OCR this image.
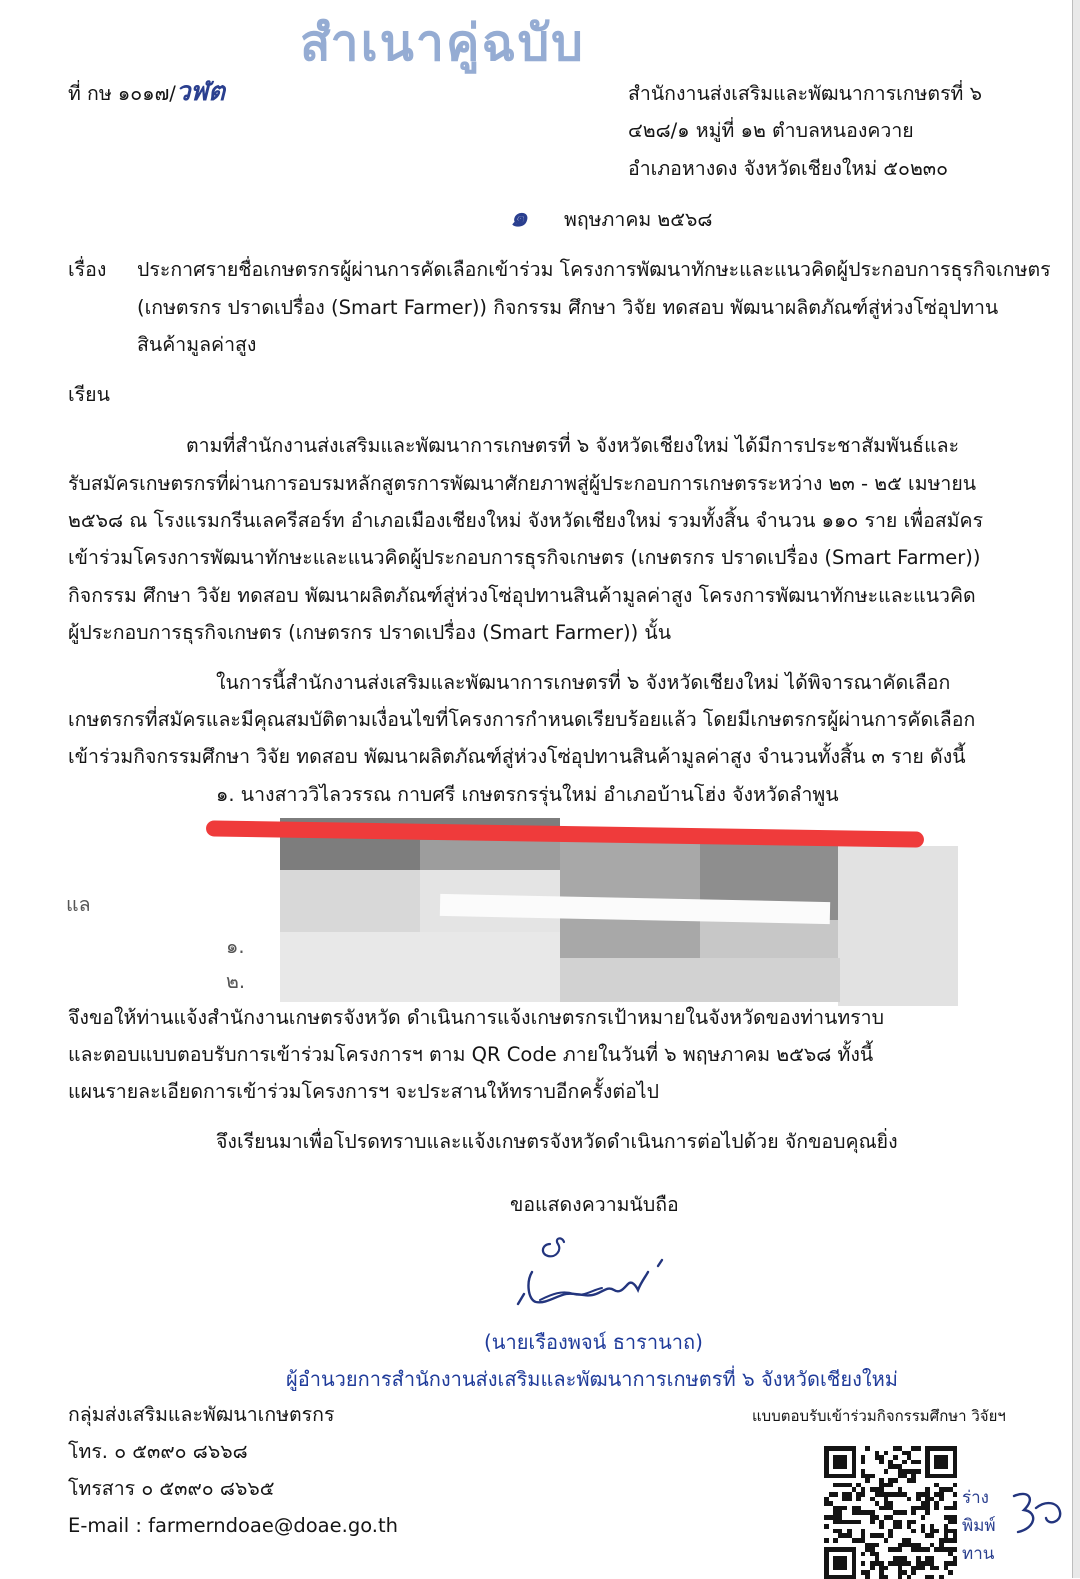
สำเนาคู่ฉบับ
ที่ กษ ๑๐๑๗/วฬต	สำนักงานส่งเสริมและพัฒนาการเกษตรที่ ๖
๔๒๘/๑ หมู่ที่ ๑๒ ตำบลหนองควาย
อำเภอหางดง จังหวัดเชียงใหม่ ๕๐๒๓๐
๑ พฤษภาคม ๒๕๖๘
เรื่อง ประกาศรายชื่อเกษตรกรผู้ผ่านการคัดเลือกเข้าร่วม โครงการพัฒนาทักษะและแนวคิดผู้ประกอบการธุรกิจเกษตร
(เกษตรกร ปราดเปรื่อง (Smart Farmer)) กิจกรรม ศึกษา วิจัย ทดสอบ พัฒนาผลิตภัณฑ์สู่ห่วงโซ่อุปทาน
สินค้ามูลค่าสูง
เรียน
ตามที่สำนักงานส่งเสริมและพัฒนาการเกษตรที่ ๖ จังหวัดเชียงใหม่ ได้มีการประชาสัมพันธ์และ
รับสมัครเกษตรกรที่ผ่านการอบรมหลักสูตรการพัฒนาศักยภาพสู่ผู้ประกอบการเกษตรระหว่าง ๒๓ - ๒๕ เมษายน
๒๕๖๘ ณ โรงแรมกรีนเลครีสอร์ท อำเภอเมืองเชียงใหม่ จังหวัดเชียงใหม่ รวมทั้งสิ้น จำนวน ๑๑๐ ราย เพื่อสมัคร
เข้าร่วมโครงการพัฒนาทักษะและแนวคิดผู้ประกอบการธุรกิจเกษตร (เกษตรกร ปราดเปรื่อง (Smart Farmer))
กิจกรรม ศึกษา วิจัย ทดสอบ พัฒนาผลิตภัณฑ์สู่ห่วงโซ่อุปทานสินค้ามูลค่าสูง โครงการพัฒนาทักษะและแนวคิด
ผู้ประกอบการธุรกิจเกษตร (เกษตรกร ปราดเปรื่อง (Smart Farmer)) นั้น
ในการนี้สำนักงานส่งเสริมและพัฒนาการเกษตรที่ ๖ จังหวัดเชียงใหม่ ได้พิจารณาคัดเลือก
เกษตรกรที่สมัครและมีคุณสมบัติตามเงื่อนไขที่โครงการกำหนดเรียบร้อยแล้ว โดยมีเกษตรกรผู้ผ่านการคัดเลือก
เข้าร่วมกิจกรรมศึกษา วิจัย ทดสอบ พัฒนาผลิตภัณฑ์สู่ห่วงโซ่อุปทานสินค้ามูลค่าสูง จำนวนทั้งสิ้น ๓ ราย ดังนี้
๑. นางสาววิไลวรรณ กาบศรี เกษตรกรรุ่นใหม่ อำเภอบ้านโฮ่ง จังหวัดลำพูน
แล
๑.
๒.
จึงขอให้ท่านแจ้งสำนักงานเกษตรจังหวัด ดำเนินการแจ้งเกษตรกรเป้าหมายในจังหวัดของท่านทราบ
และตอบแบบตอบรับการเข้าร่วมโครงการฯ ตาม QR Code ภายในวันที่ ๖ พฤษภาคม ๒๕๖๘ ทั้งนี้
แผนรายละเอียดการเข้าร่วมโครงการฯ จะประสานให้ทราบอีกครั้งต่อไป
จึงเรียนมาเพื่อโปรดทราบและแจ้งเกษตรจังหวัดดำเนินการต่อไปด้วย จักขอบคุณยิ่ง
ขอแสดงความนับถือ
(นายเรืองพจน์ ธารานาถ)
ผู้อำนวยการสำนักงานส่งเสริมและพัฒนาการเกษตรที่ ๖ จังหวัดเชียงใหม่
กลุ่มส่งเสริมและพัฒนาเกษตรกร
โทร. ๐ ๕๓๙๐ ๘๖๖๘
โทรสาร ๐ ๕๓๙๐ ๘๖๖๕
E-mail : farmerndoae@doae.go.th
แบบตอบรับเข้าร่วมกิจกรรมศึกษา วิจัยฯ
ร่าง
พิมพ์
ทาน
